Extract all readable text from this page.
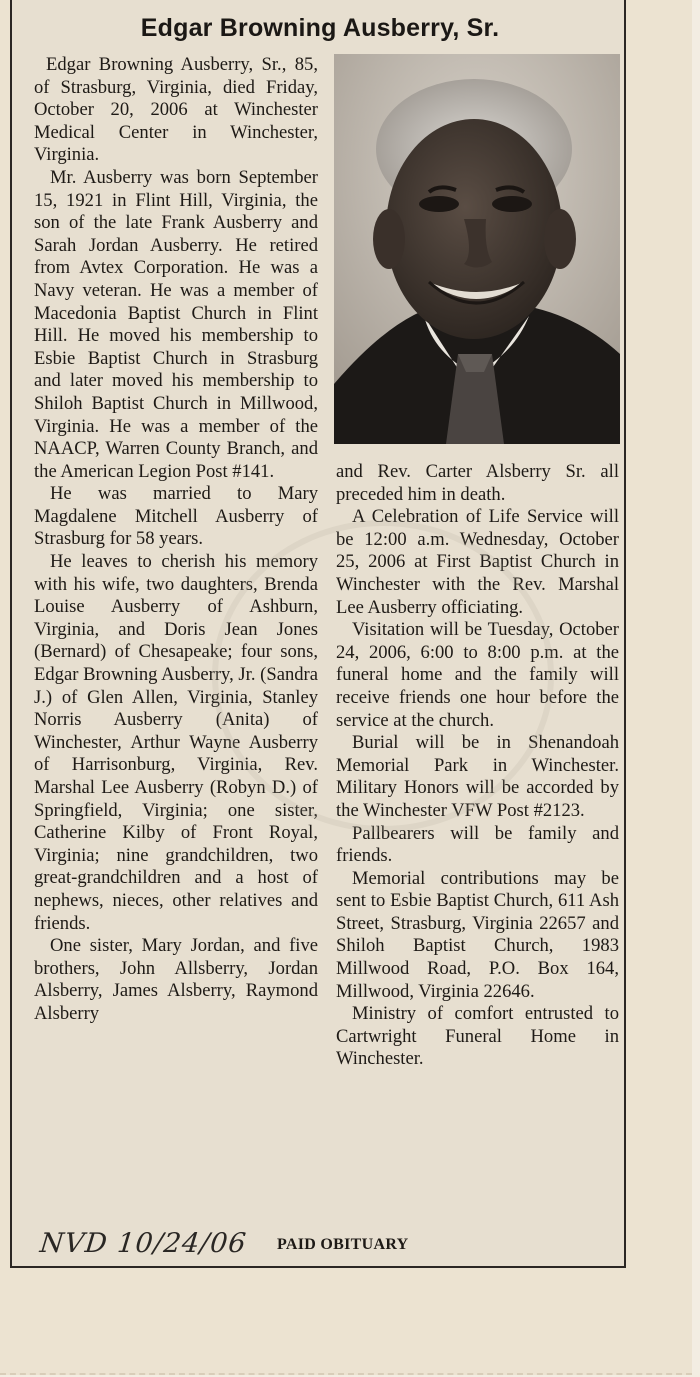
Edgar Browning Ausberry, Sr.

Edgar Browning Ausberry, Sr., 85, of Strasburg, Virginia, died Friday, October 20, 2006 at Winchester Medical Center in Winchester, Virginia.

Mr. Ausberry was born September 15, 1921 in Flint Hill, Virginia, the son of the late Frank Ausberry and Sarah Jordan Ausberry. He retired from Avtex Corporation. He was a Navy veteran. He was a member of Macedonia Baptist Church in Flint Hill. He moved his membership to Esbie Baptist Church in Strasburg and later moved his membership to Shiloh Baptist Church in Millwood, Virginia. He was a member of the NAACP, Warren County Branch, and the American Legion Post #141.

He was married to Mary Magdalene Mitchell Ausberry of Strasburg for 58 years.

He leaves to cherish his memory with his wife, two daughters, Brenda Louise Ausberry of Ashburn, Virginia, and Doris Jean Jones (Bernard) of Chesapeake; four sons, Edgar Browning Ausberry, Jr. (Sandra J.) of Glen Allen, Virginia, Stanley Norris Ausberry (Anita) of Winchester, Arthur Wayne Ausberry of Harrisonburg, Virginia, Rev. Marshal Lee Ausberry (Robyn D.) of Springfield, Virginia; one sister, Catherine Kilby of Front Royal, Virginia; nine grandchildren, two great-grandchildren and a host of nephews, nieces, other relatives and friends.

One sister, Mary Jordan, and five brothers, John Allsberry, Jordan Alsberry, James Alsberry, Raymond Alsberry

and Rev. Carter Alsberry Sr. all preceded him in death.

A Celebration of Life Service will be 12:00 a.m. Wednesday, October 25, 2006 at First Baptist Church in Winchester with the Rev. Marshal Lee Ausberry officiating.

Visitation will be Tuesday, October 24, 2006, 6:00 to 8:00 p.m. at the funeral home and the family will receive friends one hour before the service at the church.

Burial will be in Shenandoah Memorial Park in Winchester. Military Honors will be accorded by the Winchester VFW Post #2123.

Pallbearers will be family and friends.

Memorial contributions may be sent to Esbie Baptist Church, 611 Ash Street, Strasburg, Virginia 22657 and Shiloh Baptist Church, 1983 Millwood Road, P.O. Box 164, Millwood, Virginia 22646.

Ministry of comfort entrusted to Cartwright Funeral Home in Winchester.

NVD 10/24/06 PAID OBITUARY
